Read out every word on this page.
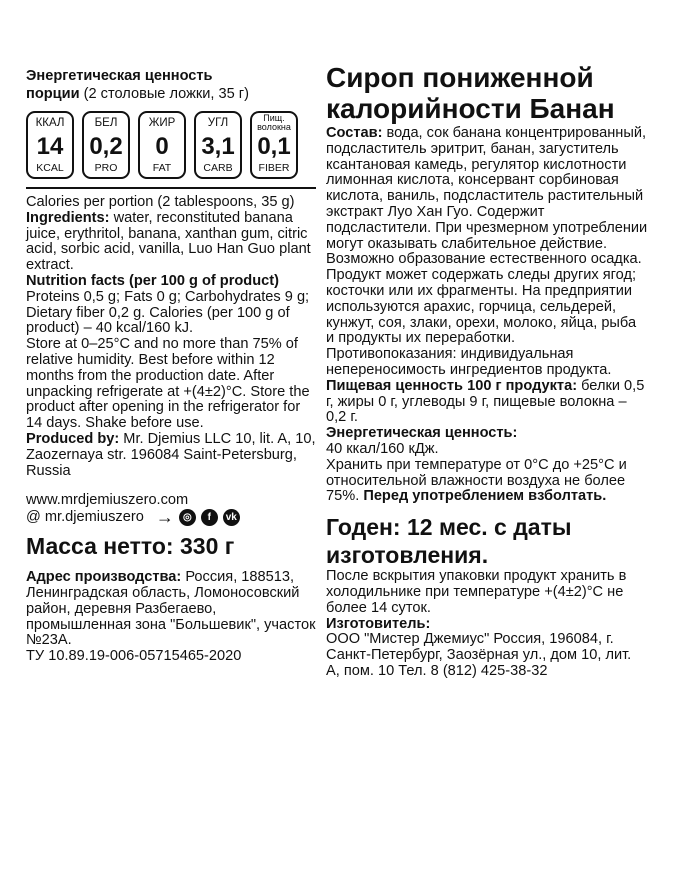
Энергетическая ценность
порции (2 столовые ложки, 35 г)
ККАЛ
14
KCAL
БЕЛ
0,2
PRO
ЖИР
0
FAT
УГЛ
3,1
CARB
Пищ.
волокна
0,1
FIBER

Calories per portion (2 tablespoons, 35 g)

Ingredients: water, reconstituted banana juice, erythritol, banana, xanthan gum, citric acid, sorbic acid, vanilla, Luo Han Guo plant extract.

Nutrition facts (per 100 g of product)

Proteins 0,5 g; Fats 0 g; Carbohydrates 9 g; Dietary fiber 0,2 g. Calories (per 100 g of product) – 40 kcal/160 kJ.

Store at 0–25°C and no more than 75% of relative humidity. Best before within 12 months from the production date. After unpacking refrigerate at +(4±2)°C. Store the product after opening in the refrigerator for 14 days. Shake before use.

Produced by: Mr. Djemius LLC 10, lit. A, 10, Zaozernaya str. 196084 Saint-Petersburg, Russia

www.mrdjemiuszero.com

@ mr.djemiuszero → ◎	f	vk
Масса нетто: 330 г

Адрес производства: Россия, 188513, Ленинградская область, Ломоносовский район, деревня Разбегаево, промышленная зона "Большевик", участок №23А.

ТУ 10.89.19-006-05715465-2020

Сироп пониженной калорийности Банан

Состав: вода, сок банана концентрированный, подсластитель эритрит, банан, загуститель ксантановая камедь, регулятор кислотности лимонная кислота, консервант сорбиновая кислота, ваниль, подсластитель растительный экстракт Луо Хан Гуо. Содержит подсластители. При чрезмерном употреблении могут оказывать слабительное действие. Возможно образование естественного осадка. Продукт может содержать следы других ягод; косточки или их фрагменты. На предприятии используются арахис, горчица, сельдерей, кунжут, соя, злаки, орехи, молоко, яйца, рыба и продукты их переработки. Противопоказания: индивидуальная непереносимость ингредиентов продукта.

Пищевая ценность 100 г продукта: белки 0,5 г, жиры 0 г, углеводы 9 г, пищевые волокна – 0,2 г.

Энергетическая ценность:

40 ккал/160 кДж.

Хранить при температуре от 0°С до +25°С и относительной влажности воздуха не более 75%. Перед употреблением взболтать.

Годен: 12 мес. с даты изготовления.

После вскрытия упаковки продукт хранить в холодильнике при температуре +(4±2)°С не более 14 суток.

Изготовитель:

ООО "Мистер Джемиус" Россия, 196084, г. Санкт-Петербург, Заозёрная ул., дом 10, лит. А, пом. 10 Тел. 8 (812) 425-38-32
